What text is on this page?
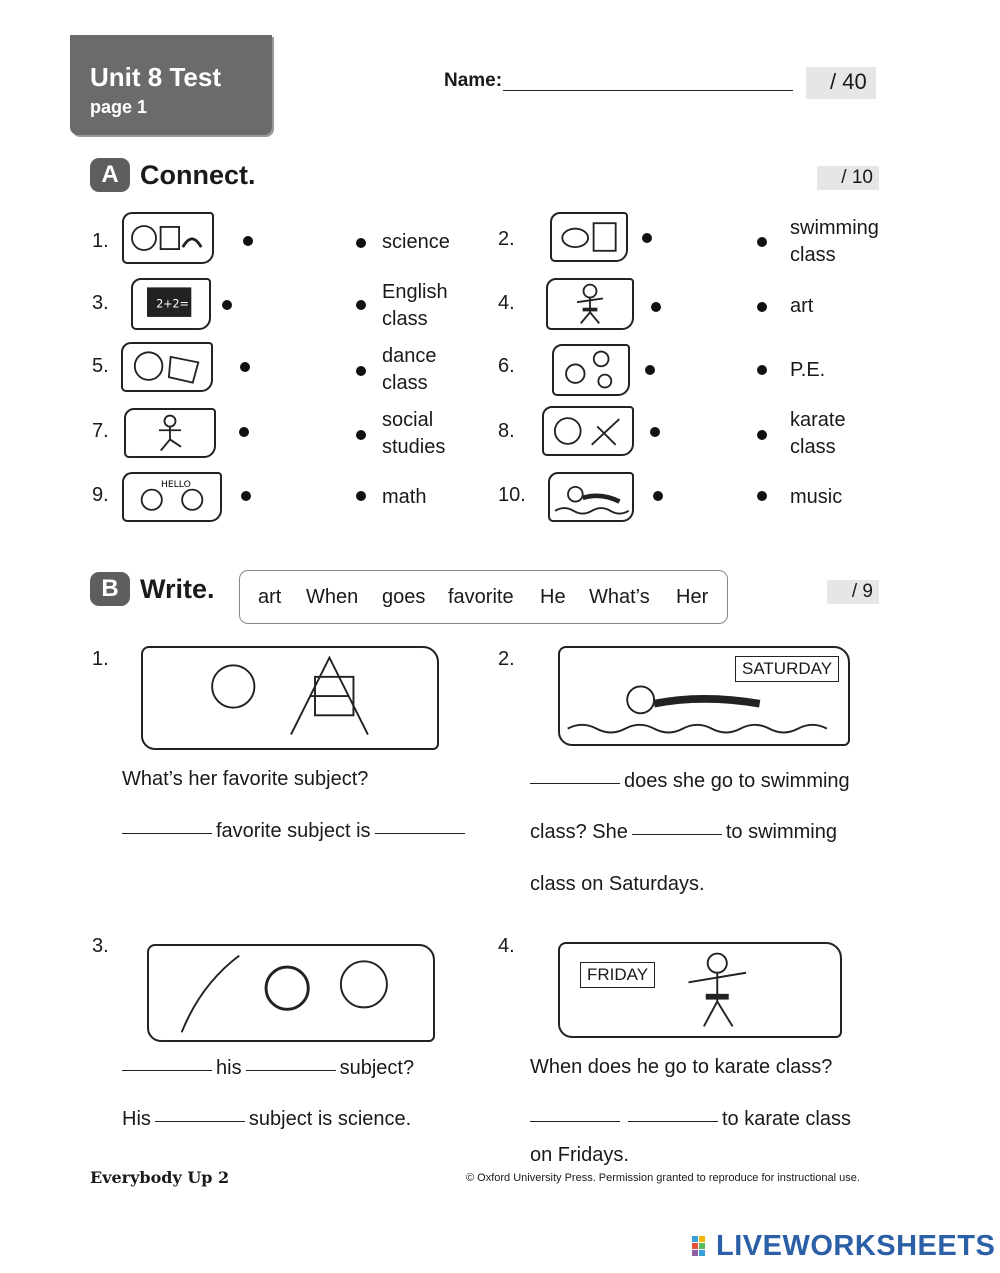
Unit 8 Test
page 1
Name:	/ 40
A Connect.	/ 10
1.	science
3.	2+2=
English
class
5.	dance
class
7.	social
studies
9.	HELLO
math
2.	swimming
class
4.	art
6.	P.E.
8.	karate
class
10.	music
B Write.	/ 9
art When goes favorite He What’s Her
1.
What’s her favorite subject?
favorite subject is
2.	SATURDAY
does she go to swimming
class? She	to swimming
class on Saturdays.
3.
his	subject?
His	subject is science.
4.
FRIDAY
When does he go to karate class?
to karate class
on Fridays.
Everybody Up 2	© Oxford University Press. Permission granted to reproduce for instructional use.
LIVEWORKSHEETS
